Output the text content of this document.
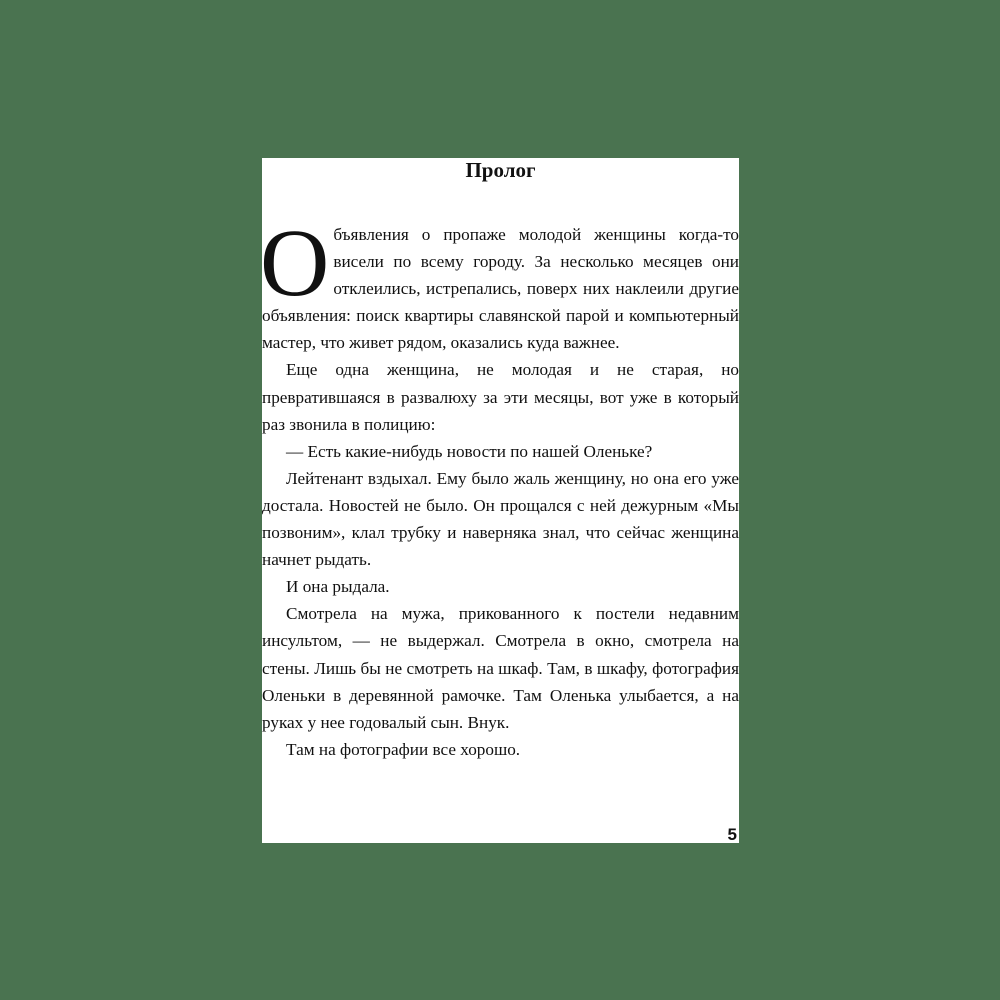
Пролог

Объявления о пропаже молодой женщины когда-то висели по всему городу. За несколько месяцев они отклеились, истрепались, поверх них наклеили другие объявления: поиск квартиры славянской парой и компьютерный мастер, что живет рядом, оказались куда важнее.

Еще одна женщина, не молодая и не старая, но превратившаяся в развалюху за эти месяцы, вот уже в который раз звонила в полицию:

— Есть какие-нибудь новости по нашей Оленьке?

Лейтенант вздыхал. Ему было жаль женщину, но она его уже достала. Новостей не было. Он прощался с ней дежурным «Мы позвоним», клал трубку и наверняка знал, что сейчас женщина начнет рыдать.

И она рыдала.

Смотрела на мужа, прикованного к постели недавним инсультом, — не выдержал. Смотрела в окно, смотрела на стены. Лишь бы не смотреть на шкаф. Там, в шкафу, фотография Оленьки в деревянной рамочке. Там Оленька улыбается, а на руках у нее годовалый сын. Внук.

Там на фотографии все хорошо.

5
